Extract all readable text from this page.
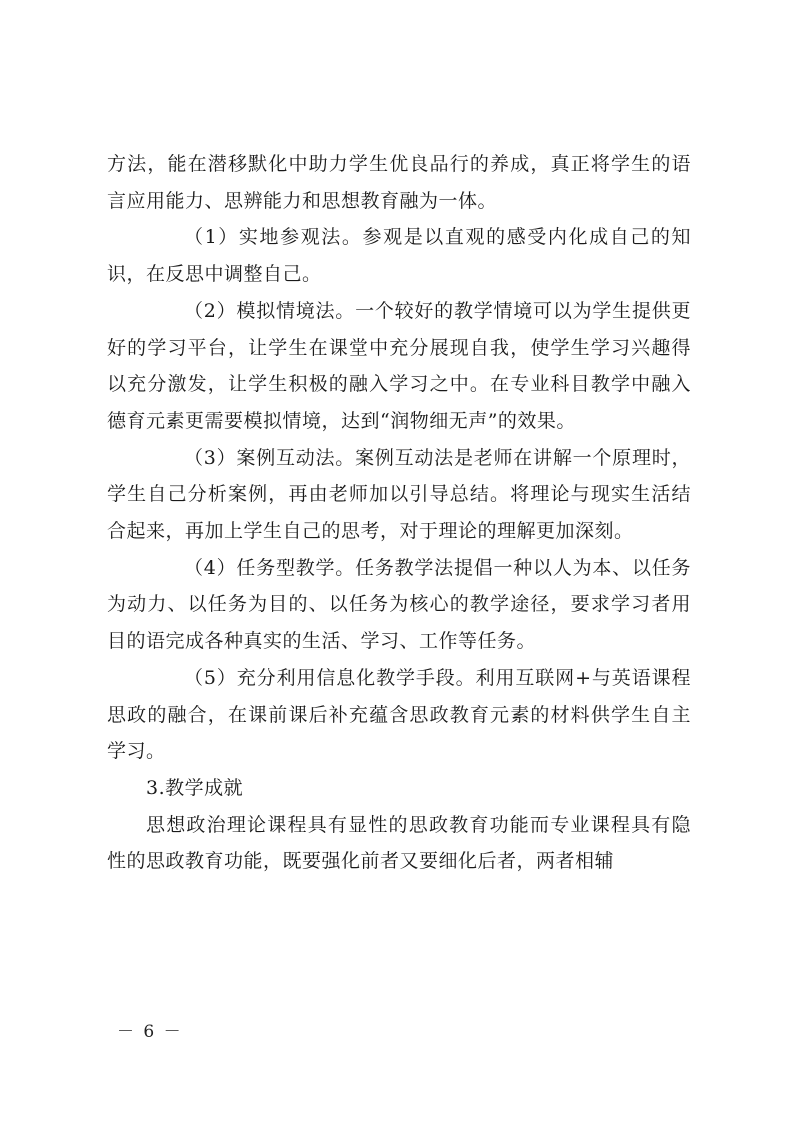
方法，能在潜移默化中助力学生优良品行的养成，真正将学生的语言应用能力、思辨能力和思想教育融为一体。

（1）实地参观法。参观是以直观的感受内化成自己的知识，在反思中调整自己。

（2）模拟情境法。一个较好的教学情境可以为学生提供更好的学习平台，让学生在课堂中充分展现自我，使学生学习兴趣得以充分激发，让学生积极的融入学习之中。在专业科目教学中融入德育元素更需要模拟情境，达到“润物细无声”的效果。

（3）案例互动法。案例互动法是老师在讲解一个原理时，学生自己分析案例，再由老师加以引导总结。将理论与现实生活结合起来，再加上学生自己的思考，对于理论的理解更加深刻。

（4）任务型教学。任务教学法提倡一种以人为本、以任务为动力、以任务为目的、以任务为核心的教学途径，要求学习者用目的语完成各种真实的生活、学习、工作等任务。

（5）充分利用信息化教学手段。利用互联网+与英语课程思政的融合，在课前课后补充蕴含思政教育元素的材料供学生自主学习。

3.教学成就

思想政治理论课程具有显性的思政教育功能而专业课程具有隐性的思政教育功能，既要强化前者又要细化后者，两者相辅

－ 6 －
